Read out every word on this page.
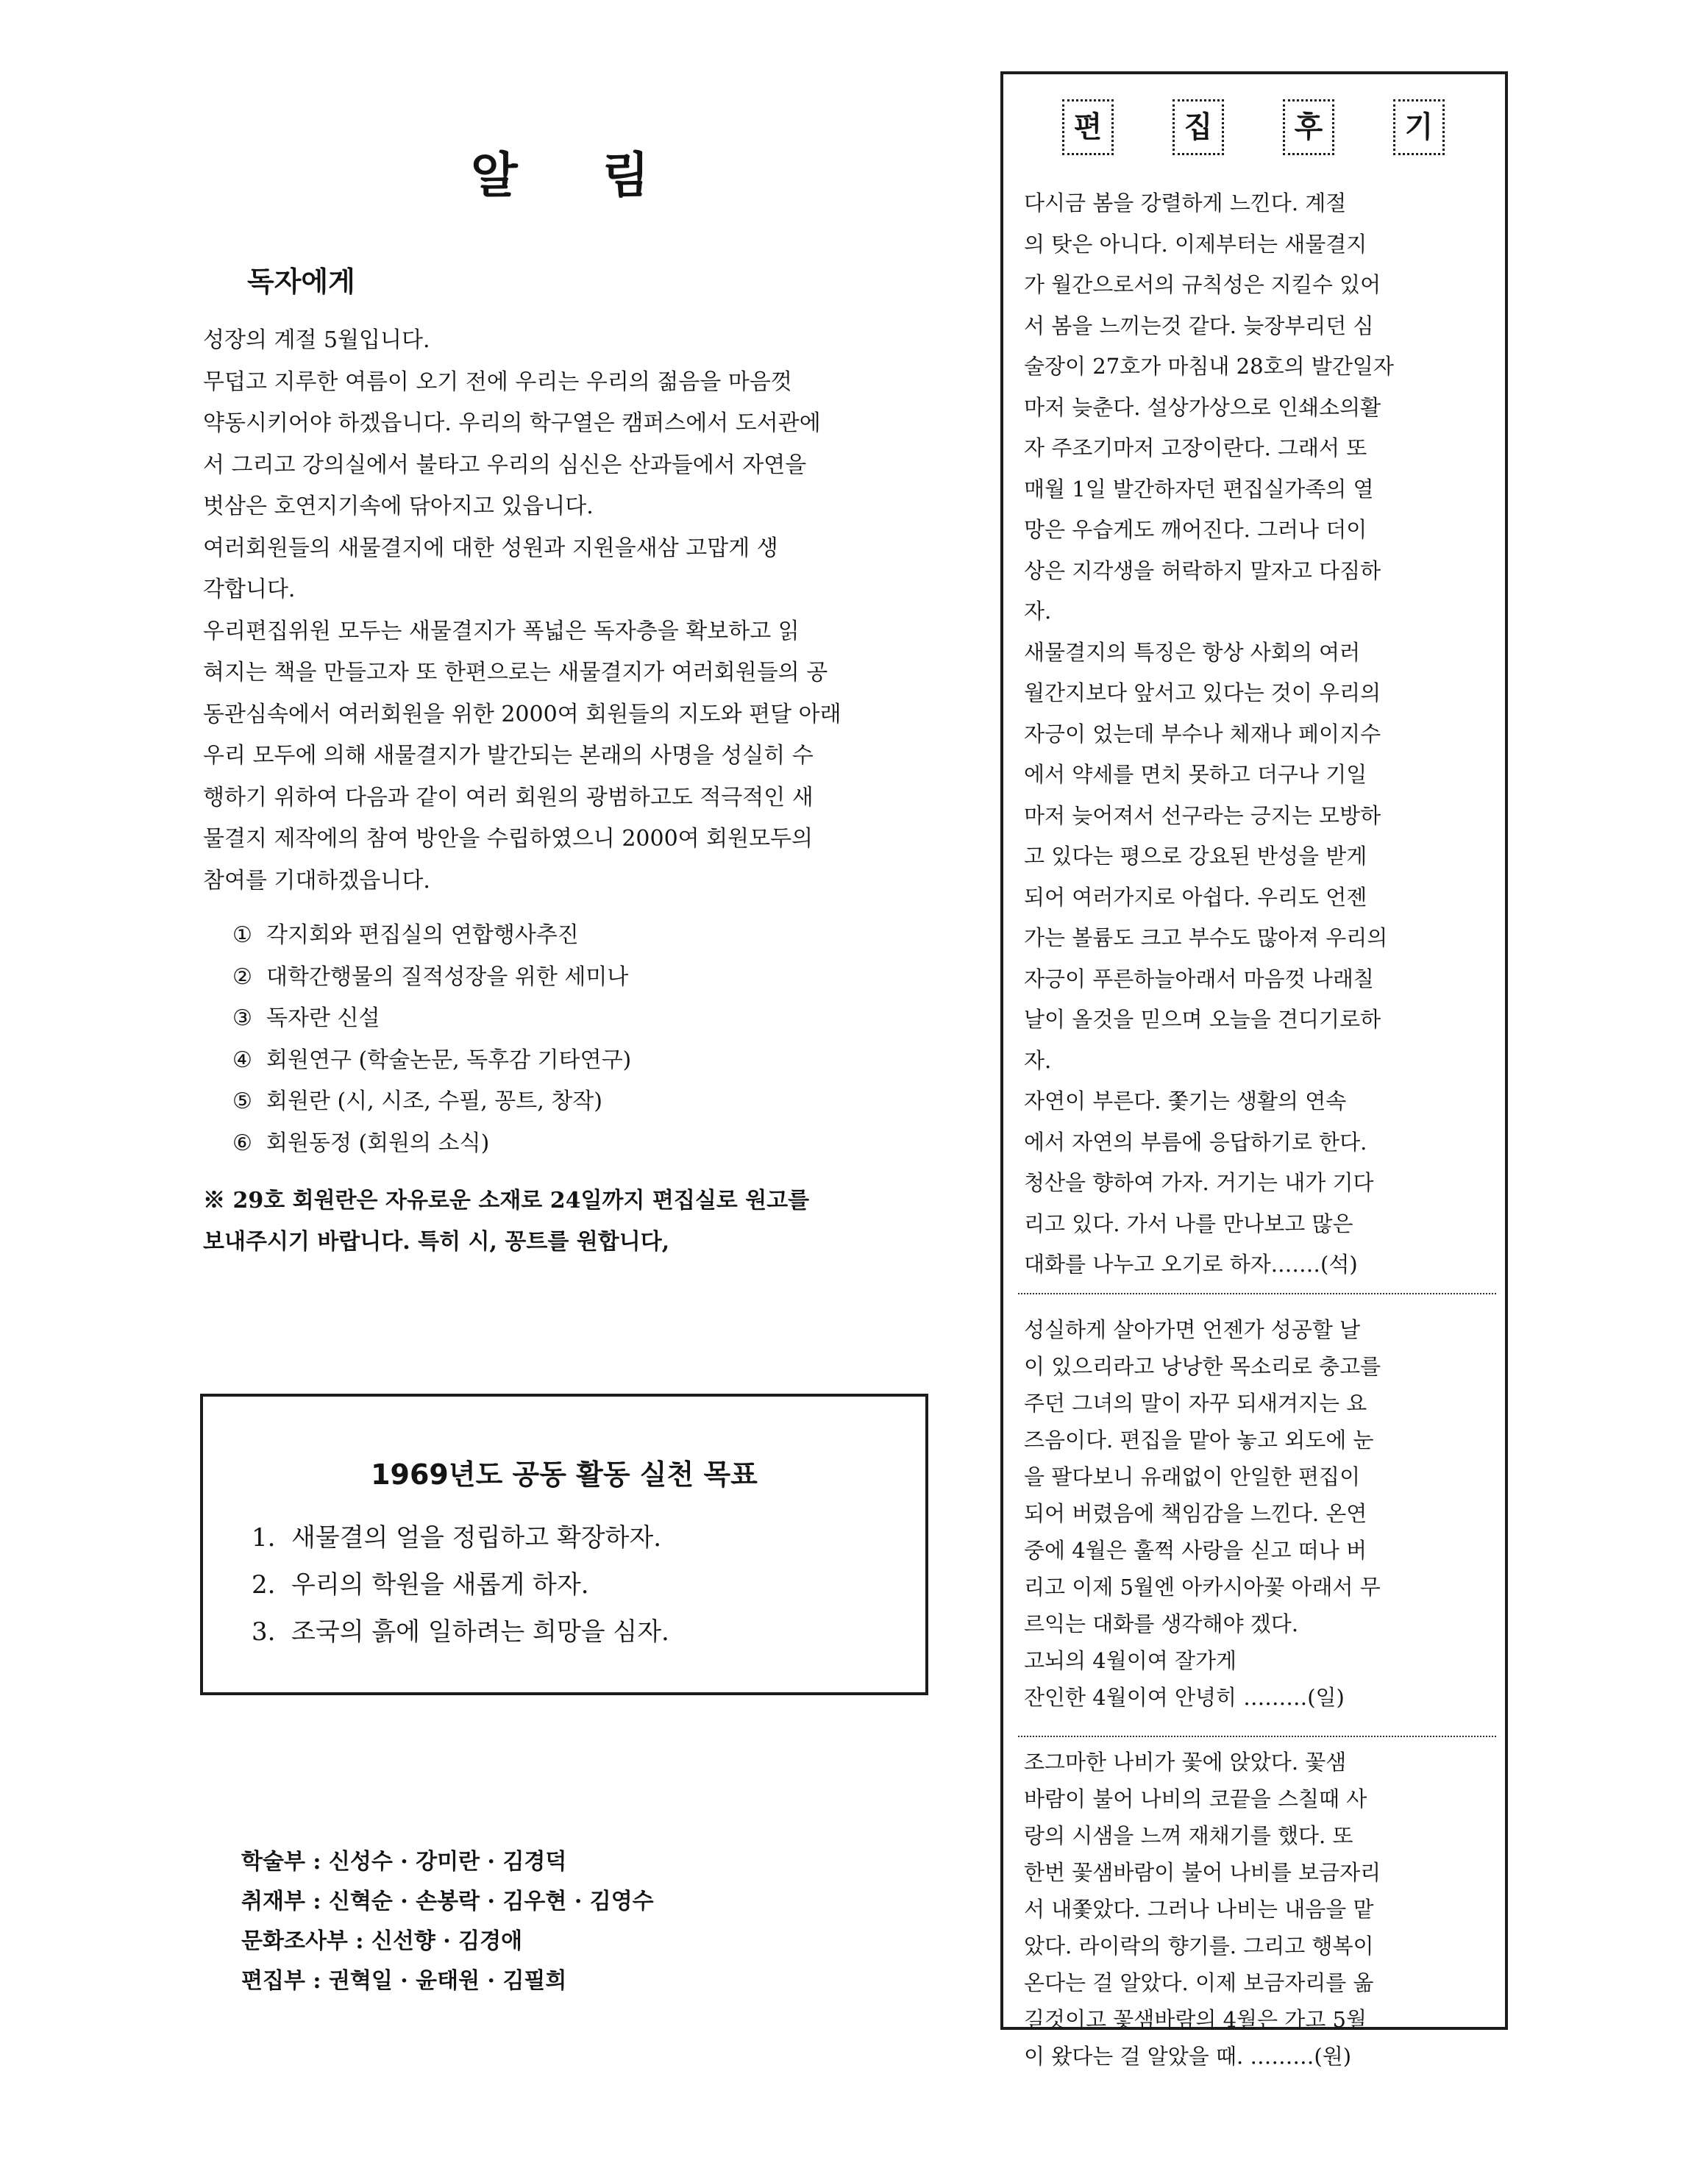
알 림
독자에게
성장의 계절 5월입니다.
무덥고 지루한 여름이 오기 전에 우리는 우리의 젊음을 마음껏
약동시키어야 하겠읍니다. 우리의 학구열은 캠퍼스에서 도서관에
서 그리고 강의실에서 불타고 우리의 심신은 산과들에서 자연을
벗삼은 호연지기속에 닦아지고 있읍니다.
여러회원들의 새물결지에 대한 성원과 지원을새삼 고맙게 생
각합니다.
우리편집위원 모두는 새물결지가 폭넓은 독자층을 확보하고 읽
혀지는 책을 만들고자 또 한편으로는 새물결지가 여러회원들의 공
동관심속에서 여러회원을 위한 2000여 회원들의 지도와 편달 아래
우리 모두에 의해 새물결지가 발간되는 본래의 사명을 성실히 수
행하기 위하여 다음과 같이 여러 회원의 광범하고도 적극적인 새
물결지 제작에의 참여 방안을 수립하였으니 2000여 회원모두의
참여를 기대하겠읍니다.
① 각지회와 편집실의 연합행사추진
② 대학간행물의 질적성장을 위한 세미나
③ 독자란 신설
④ 회원연구 (학술논문, 독후감 기타연구)
⑤ 회원란 (시, 시조, 수필, 꽁트, 창작)
⑥ 회원동정 (회원의 소식)
※ 29호 회원란은 자유로운 소재로 24일까지 편집실로 원고를
보내주시기 바랍니다. 특히 시, 꽁트를 원합니다,
1969년도 공동 활동 실천 목표
1. 새물결의 얼을 정립하고 확장하자.
2. 우리의 학원을 새롭게 하자.
3. 조국의 흙에 일하려는 희망을 심자.
학술부 : 신성수 · 강미란 · 김경덕
취재부 : 신혁순 · 손봉락 · 김우현 · 김영수
문화조사부 : 신선향 · 김경애
편집부 : 권혁일 · 윤태원 · 김필희
편	집	후	기
다시금 봄을 강렬하게 느낀다. 계절
의 탓은 아니다. 이제부터는 새물결지
가 월간으로서의 규칙성은 지킬수 있어
서 봄을 느끼는것 같다. 늦장부리던 심
술장이 27호가 마침내 28호의 발간일자
마저 늦춘다. 설상가상으로 인쇄소의활
자 주조기마저 고장이란다. 그래서 또
매월 1일 발간하자던 편집실가족의 열
망은 우습게도 깨어진다. 그러나 더이
상은 지각생을 허락하지 말자고 다짐하
자.
새물결지의 특징은 항상 사회의 여러
월간지보다 앞서고 있다는 것이 우리의
자긍이 었는데 부수나 체재나 페이지수
에서 약세를 면치 못하고 더구나 기일
마저 늦어져서 선구라는 긍지는 모방하
고 있다는 평으로 강요된 반성을 받게
되어 여러가지로 아쉽다. 우리도 언젠
가는 볼륨도 크고 부수도 많아져 우리의
자긍이 푸른하늘아래서 마음껏 나래칠
날이 올것을 믿으며 오늘을 견디기로하
자.
자연이 부른다. 쫓기는 생활의 연속
에서 자연의 부름에 응답하기로 한다.
청산을 향하여 가자. 거기는 내가 기다
리고 있다. 가서 나를 만나보고 많은
대화를 나누고 오기로 하자.……(석)
성실하게 살아가면 언젠가 성공할 날
이 있으리라고 낭낭한 목소리로 충고를
주던 그녀의 말이 자꾸 되새겨지는 요
즈음이다. 편집을 맡아 놓고 외도에 눈
을 팔다보니 유래없이 안일한 편집이
되어 버렸음에 책임감을 느낀다. 온연
중에 4월은 훌쩍 사랑을 싣고 떠나 버
리고 이제 5월엔 아카시아꽃 아래서 무
르익는 대화를 생각해야 겠다.
고뇌의 4월이여 잘가게
잔인한 4월이여 안녕히 ………(일)
조그마한 나비가 꽃에 앉았다. 꽃샘
바람이 불어 나비의 코끝을 스칠때 사
랑의 시샘을 느껴 재채기를 했다. 또
한번 꽃샘바람이 불어 나비를 보금자리
서 내쫓았다. 그러나 나비는 내음을 맡
았다. 라이락의 향기를. 그리고 행복이
온다는 걸 알았다. 이제 보금자리를 옮
길것이고 꽃샘바람의 4월은 가고 5월
이 왔다는 걸 알았을 때. ………(원)
